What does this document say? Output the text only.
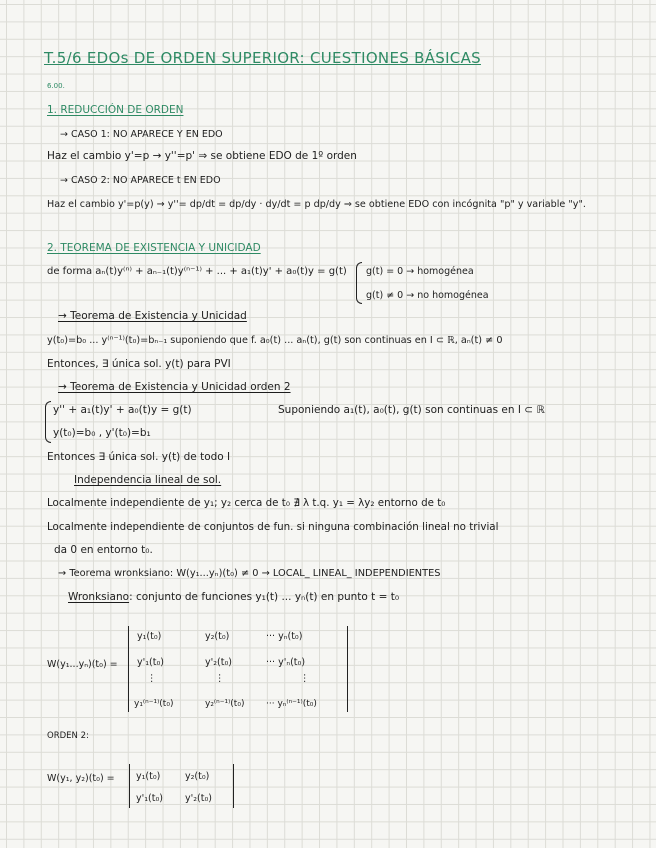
T.5/6 EDOs DE ORDEN SUPERIOR: CUESTIONES BÁSICAS
6.00.
1. REDUCCIÓN DE ORDEN
→ CASO 1: NO APARECE Y EN EDO
Haz el cambio y'=p → y''=p' ⇒ se obtiene EDO de 1º orden
→ CASO 2: NO APARECE t EN EDO
Haz el cambio y'=p(y) → y''= dp/dt = dp/dy · dy/dt = p dp/dy ⇒ se obtiene EDO con incógnita "p" y variable "y".
2. TEOREMA DE EXISTENCIA Y UNICIDAD
de forma aₙ(t)y⁽ⁿ⁾ + aₙ₋₁(t)y⁽ⁿ⁻¹⁾ + ... + a₁(t)y' + a₀(t)y = g(t) g(t) = 0 → homogénea
g(t) ≠ 0 → no homogénea
→ Teorema de Existencia y Unicidad
y(t₀)=b₀ ... y⁽ⁿ⁻¹⁾(t₀)=bₙ₋₁ suponiendo que f. a₀(t) ... aₙ(t), g(t) son continuas en I ⊂ ℝ, aₙ(t) ≠ 0
Entonces, ∃ única sol. y(t) para PVI
→ Teorema de Existencia y Unicidad orden 2
y'' + a₁(t)y' + a₀(t)y = g(t)
y(t₀)=b₀ , y'(t₀)=b₁
Suponiendo a₁(t), a₀(t), g(t) son continuas en I ⊂ ℝ
Entonces ∃ única sol. y(t) de todo I
Independencia lineal de sol.
Localmente independiente de y₁; y₂ cerca de t₀ ∄ λ t.q. y₁ = λy₂ entorno de t₀
Localmente independiente de conjuntos de fun. si ninguna combinación lineal no trivial
da 0 en entorno t₀.
→ Teorema wronksiano: W(y₁...yₙ)(t₀) ≠ 0 → LOCAL_ LINEAL_ INDEPENDIENTES
Wronksiano: conjunto de funciones y₁(t) ... yₙ(t) en punto t = t₀
W(y₁...yₙ)(t₀) =
y₁(t₀)	y₂(t₀)	··· yₙ(t₀)
y'₁(t₀)	y'₂(t₀)	··· y'ₙ(t₀)
⋮	⋮	⋮
y₁⁽ⁿ⁻¹⁾(t₀)	y₂⁽ⁿ⁻¹⁾(t₀) ··· yₙ⁽ⁿ⁻¹⁾(t₀)
ORDEN 2:
W(y₁, y₂)(t₀) = y₁(t₀)	y₂(t₀)
y'₁(t₀) y'₂(t₀)
